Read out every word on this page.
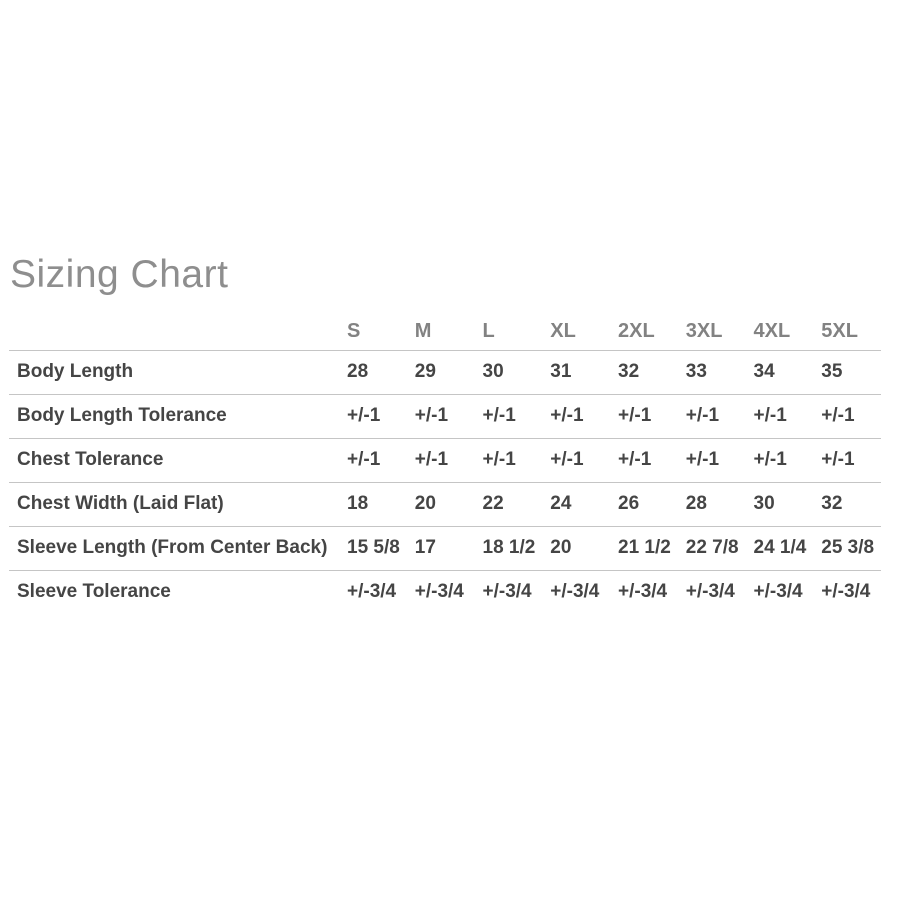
Sizing Chart
	S	M	L	XL	2XL	3XL	4XL	5XL
Body Length	28	29	30	31	32	33	34	35
Body Length Tolerance	+/-1	+/-1	+/-1	+/-1	+/-1	+/-1	+/-1	+/-1
Chest Tolerance	+/-1	+/-1	+/-1	+/-1	+/-1	+/-1	+/-1	+/-1
Chest Width (Laid Flat)	18	20	22	24	26	28	30	32
Sleeve Length (From Center Back)	15 5/8	17	18 1/2	20	21 1/2	22 7/8	24 1/4	25 3/8
Sleeve Tolerance	+/-3/4	+/-3/4	+/-3/4	+/-3/4	+/-3/4	+/-3/4	+/-3/4	+/-3/4
